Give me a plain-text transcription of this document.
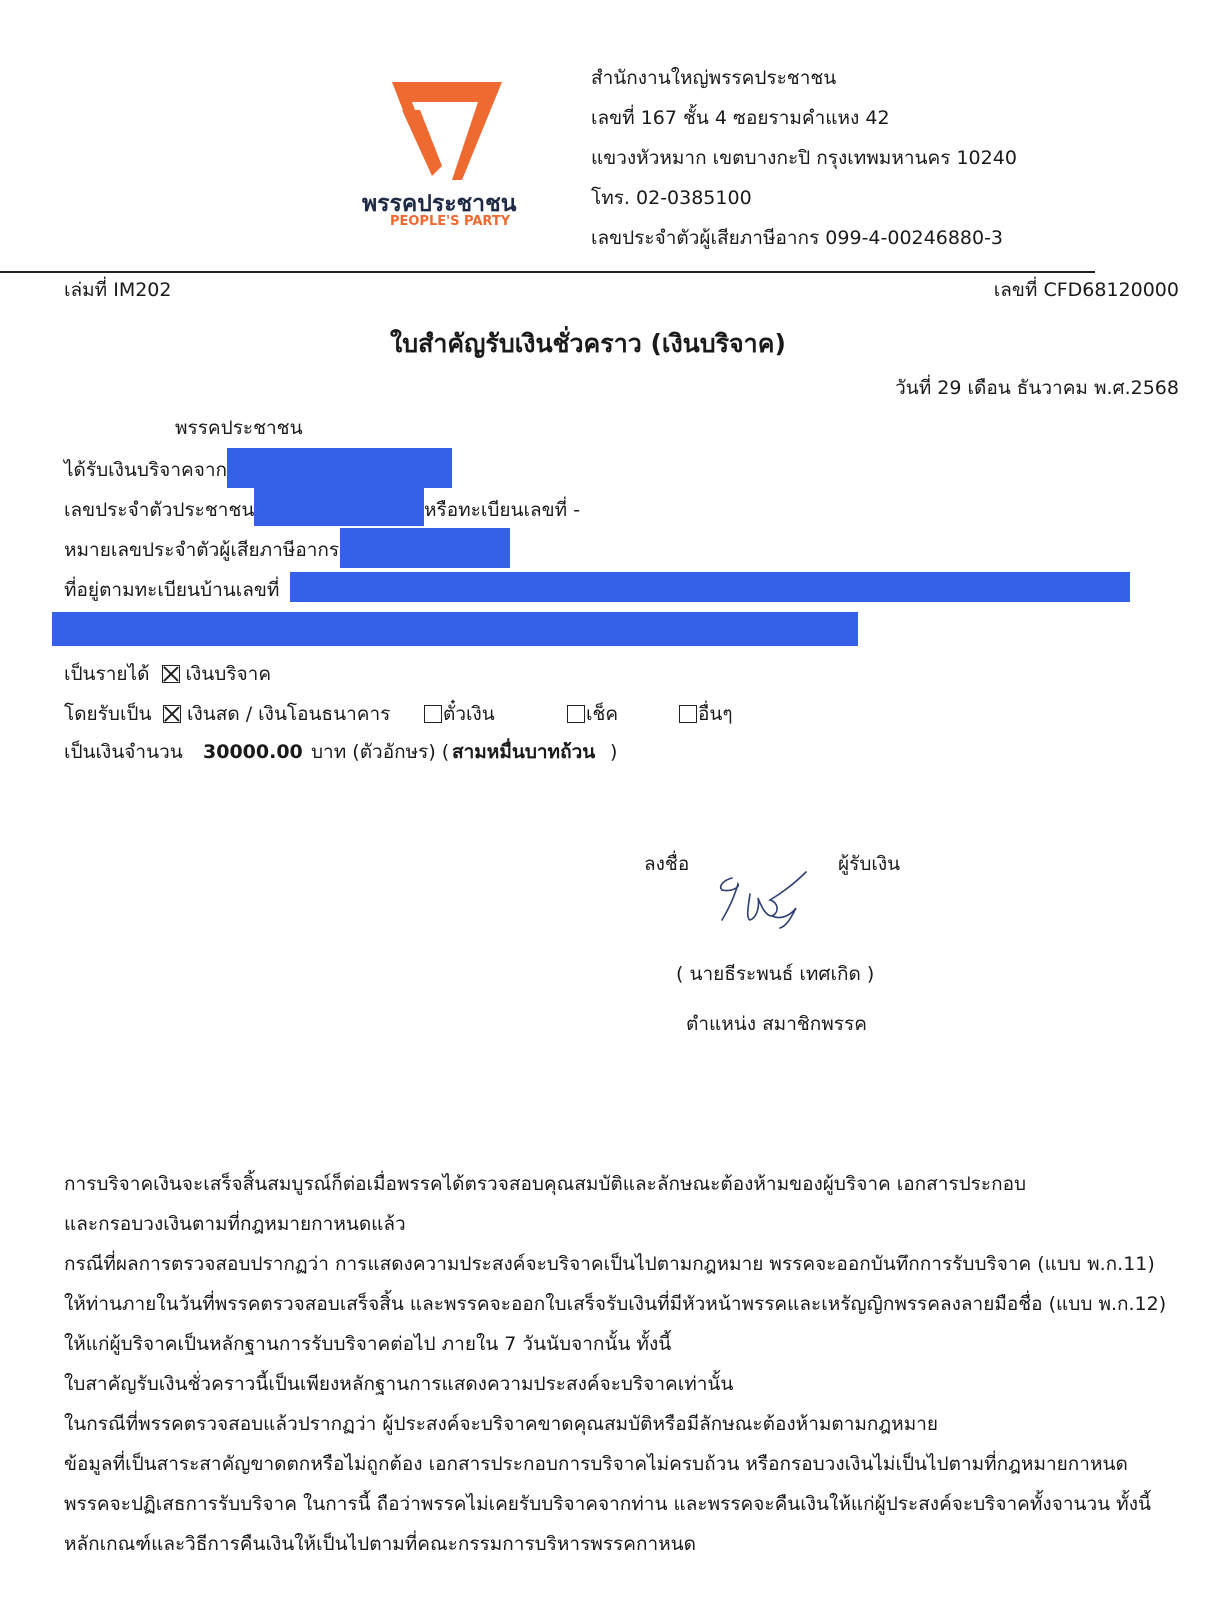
พรรคประชาชน
PEOPLE'S PARTY
สำนักงานใหญ่พรรคประชาชน
เลขที่ 167 ชั้น 4 ซอยรามคำแหง 42
แขวงหัวหมาก เขตบางกะปิ กรุงเทพมหานคร 10240
โทร. 02-0385100
เลขประจำตัวผู้เสียภาษีอากร 099-4-00246880-3
เล่มที่ IM202	เลขที่ CFD68120000
ใบสำคัญรับเงินชั่วคราว (เงินบริจาค)
วันที่ 29 เดือน ธันวาคม พ.ศ.2568
พรรคประชาชน
ได้รับเงินบริจาคจาก
เลขประจำตัวประชาชน	หรือทะเบียนเลขที่ -
หมายเลขประจำตัวผู้เสียภาษีอากร
ที่อยู่ตามทะเบียนบ้านเลขที่
เป็นรายได้ เงินบริจาค
โดยรับเป็น	เงินสด / เงินโอนธนาคาร	ตั๋วเงิน	เช็ค	อื่นๆ
เป็นเงินจำนวน 30000.00 บาท (ตัวอักษร) ( สามหมื่นบาทถ้วน )
ลงชื่อ	ผู้รับเงิน
( นายธีระพนธ์ เทศเกิด )
ตำแหน่ง สมาชิกพรรค
การบริจาคเงินจะเสร็จสิ้นสมบูรณ์ก็ต่อเมื่อพรรคได้ตรวจสอบคุณสมบัติและลักษณะต้องห้ามของผู้บริจาค เอกสารประกอบ
และกรอบวงเงินตามที่กฎหมายกาหนดแล้ว
กรณีที่ผลการตรวจสอบปรากฏว่า การแสดงความประสงค์จะบริจาคเป็นไปตามกฎหมาย พรรคจะออกบันทึกการรับบริจาค (แบบ พ.ก.11)
ให้ท่านภายในวันที่พรรคตรวจสอบเสร็จสิ้น และพรรคจะออกใบเสร็จรับเงินที่มีหัวหน้าพรรคและเหรัญญิกพรรคลงลายมือชื่อ (แบบ พ.ก.12)
ให้แก่ผู้บริจาคเป็นหลักฐานการรับบริจาคต่อไป ภายใน 7 วันนับจากนั้น ทั้งนี้
ใบสาคัญรับเงินชั่วคราวนี้เป็นเพียงหลักฐานการแสดงความประสงค์จะบริจาคเท่านั้น
ในกรณีที่พรรคตรวจสอบแล้วปรากฏว่า ผู้ประสงค์จะบริจาคขาดคุณสมบัติหรือมีลักษณะต้องห้ามตามกฎหมาย
ข้อมูลที่เป็นสาระสาคัญขาดตกหรือไม่ถูกต้อง เอกสารประกอบการบริจาคไม่ครบถ้วน หรือกรอบวงเงินไม่เป็นไปตามที่กฎหมายกาหนด
พรรคจะปฏิเสธการรับบริจาค ในการนี้ ถือว่าพรรคไม่เคยรับบริจาคจากท่าน และพรรคจะคืนเงินให้แก่ผู้ประสงค์จะบริจาคทั้งจานวน ทั้งนี้
หลักเกณฑ์และวิธีการคืนเงินให้เป็นไปตามที่คณะกรรมการบริหารพรรคกาหนด
